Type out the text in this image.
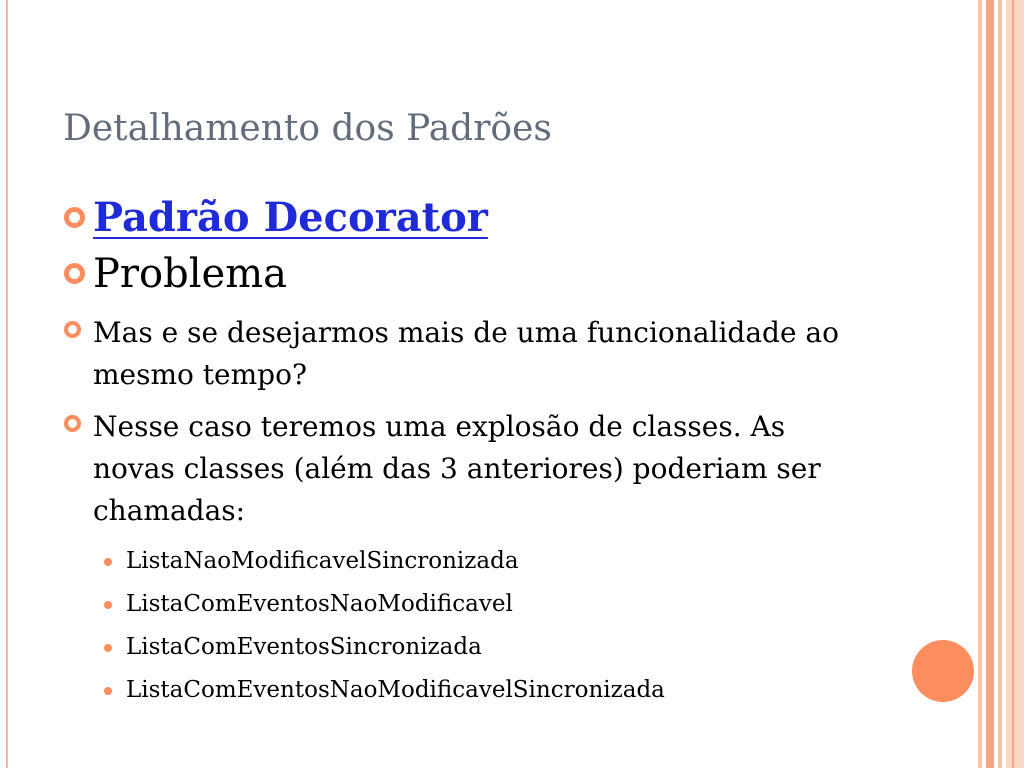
Detalhamento dos Padrões
Padrão Decorator
Problema
Mas e se desejarmos mais de uma funcionalidade ao mesmo tempo?
Nesse caso teremos uma explosão de classes. As novas classes (além das 3 anteriores) poderiam ser chamadas:
ListaNaoModificavelSincronizada
ListaComEventosNaoModificavel
ListaComEventosSincronizada
ListaComEventosNaoModificavelSincronizada
